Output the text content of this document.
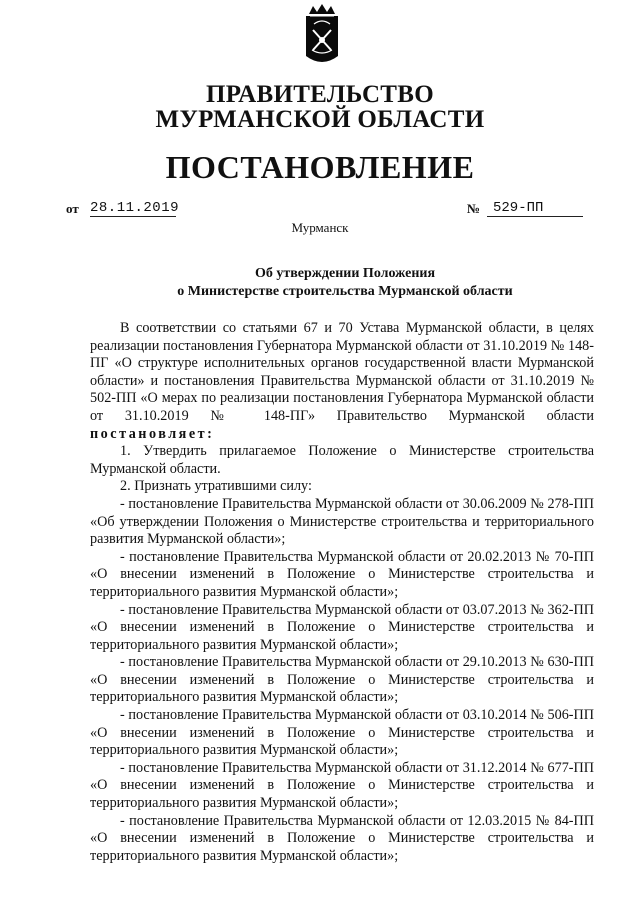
ПРАВИТЕЛЬСТВО
МУРМАНСКОЙ ОБЛАСТИ
ПОСТАНОВЛЕНИЕ
от 28.11.2019	№ 529-ПП
Мурманск
Об утверждении Положения
о Министерстве строительства Мурманской области

В соответствии со статьями 67 и 70 Устава Мурманской области, в целях реализации постановления Губернатора Мурманской области от 31.10.2019 № 148-ПГ «О структуре исполнительных органов государственной власти Мурманской области» и постановления Правительства Мурманской области от 31.10.2019 № 502-ПП «О мерах по реализации постановления Губернатора Мурманской области от 31.10.2019 № 148-ПГ» Правительство Мурманской области постановляет:

1. Утвердить прилагаемое Положение о Министерстве строительства Мурманской области.

2. Признать утратившими силу:

- постановление Правительства Мурманской области от 30.06.2009 № 278-ПП «Об утверждении Положения о Министерстве строительства и территориального развития Мурманской области»;

- постановление Правительства Мурманской области от 20.02.2013 № 70-ПП «О внесении изменений в Положение о Министерстве строительства и территориального развития Мурманской области»;

- постановление Правительства Мурманской области от 03.07.2013 № 362-ПП «О внесении изменений в Положение о Министерстве строительства и территориального развития Мурманской области»;

- постановление Правительства Мурманской области от 29.10.2013 № 630-ПП «О внесении изменений в Положение о Министерстве строительства и территориального развития Мурманской области»;

- постановление Правительства Мурманской области от 03.10.2014 № 506-ПП «О внесении изменений в Положение о Министерстве строительства и территориального развития Мурманской области»;

- постановление Правительства Мурманской области от 31.12.2014 № 677-ПП «О внесении изменений в Положение о Министерстве строительства и территориального развития Мурманской области»;

- постановление Правительства Мурманской области от 12.03.2015 № 84-ПП «О внесении изменений в Положение о Министерстве строительства и территориального развития Мурманской области»;
